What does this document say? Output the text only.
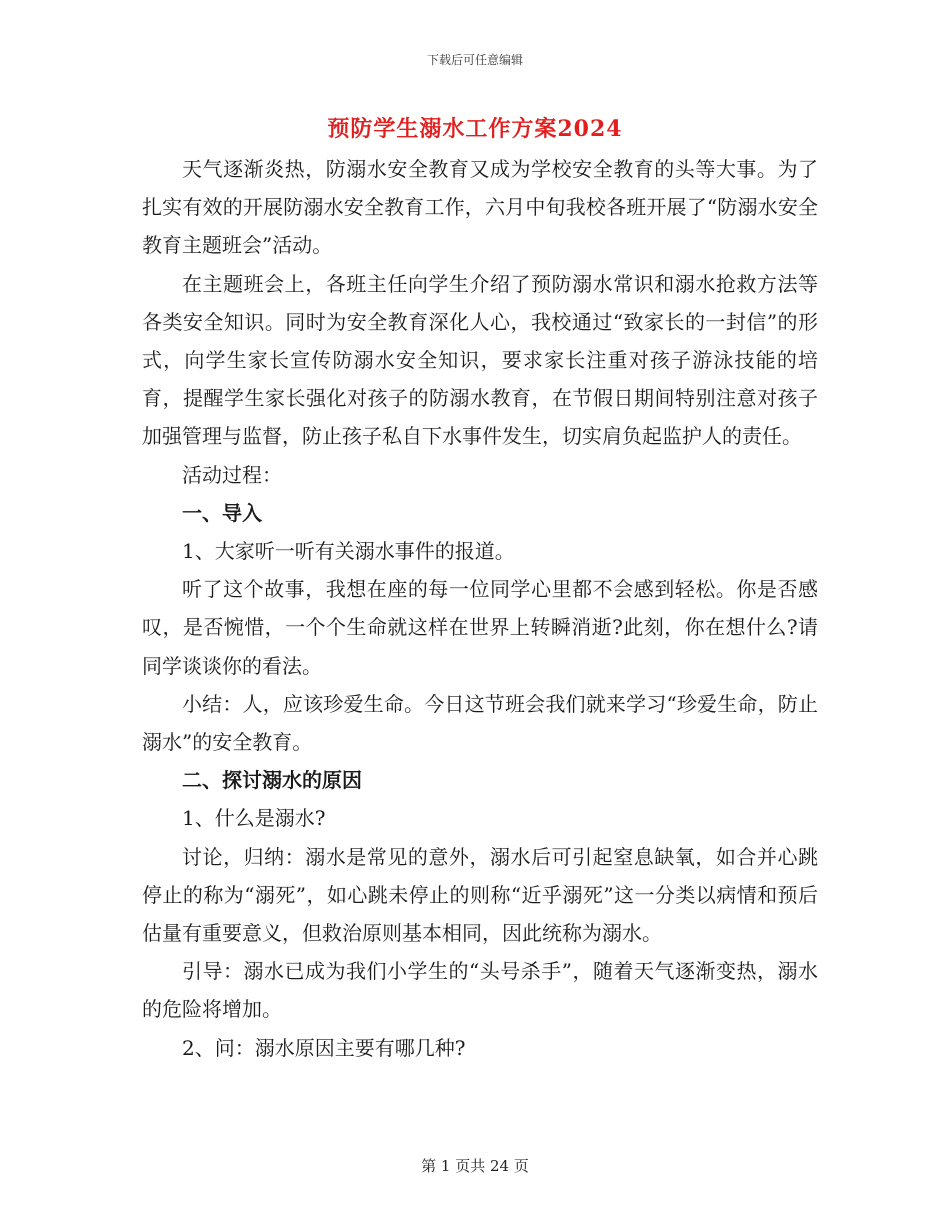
下载后可任意编辑
预防学生溺水工作方案2024

天气逐渐炎热，防溺水安全教育又成为学校安全教育的头等大事。为了扎实有效的开展防溺水安全教育工作，六月中旬我校各班开展了“防溺水安全教育主题班会”活动。

在主题班会上，各班主任向学生介绍了预防溺水常识和溺水抢救方法等各类安全知识。同时为安全教育深化人心，我校通过“致家长的一封信”的形式，向学生家长宣传防溺水安全知识，要求家长注重对孩子游泳技能的培育，提醒学生家长强化对孩子的防溺水教育，在节假日期间特别注意对孩子加强管理与监督，防止孩子私自下水事件发生，切实肩负起监护人的责任。

活动过程：

一、导入

1、大家听一听有关溺水事件的报道。

听了这个故事，我想在座的每一位同学心里都不会感到轻松。你是否感叹，是否惋惜，一个个生命就这样在世界上转瞬消逝?此刻，你在想什么?请同学谈谈你的看法。

小结：人，应该珍爱生命。今日这节班会我们就来学习“珍爱生命，防止溺水”的安全教育。

二、探讨溺水的原因

1、什么是溺水?

讨论，归纳：溺水是常见的意外，溺水后可引起窒息缺氧，如合并心跳停止的称为“溺死”，如心跳未停止的则称“近乎溺死”这一分类以病情和预后估量有重要意义，但救治原则基本相同，因此统称为溺水。

引导：溺水已成为我们小学生的“头号杀手”，随着天气逐渐变热，溺水的危险将增加。

2、问：溺水原因主要有哪几种?

第 1 页共 24 页
